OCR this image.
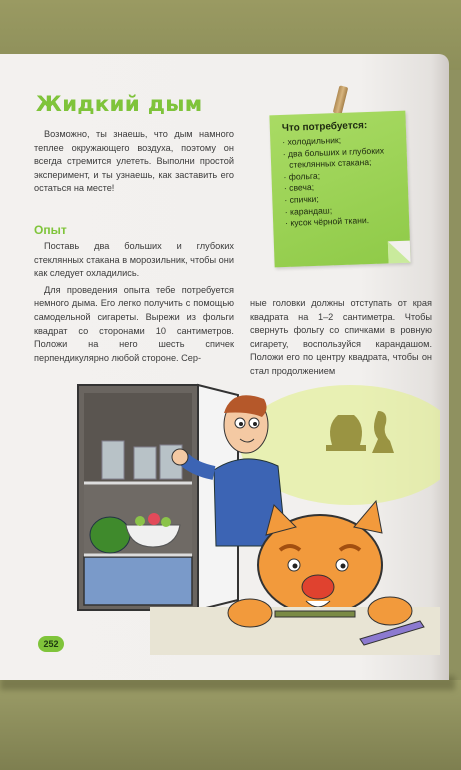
Жидкий дым
Возможно, ты знаешь, что дым намного теплее окружающего воздуха, поэтому он всегда стремится улететь. Выполни простой эксперимент, и ты узнаешь, как заставить его остаться на месте!
Опыт

Поставь два больших и глубоких стеклянных стакана в морозильник, чтобы они как следует охладились.

Для проведения опыта тебе потребуется немного дыма. Его легко получить с помощью самодельной сигареты. Вырежи из фольги квадрат со сторонами 10 сантиметров. Положи на него шесть спичек перпендикулярно любой стороне. Сер-

ные головки должны отступать от края квадрата на 1–2 сантиметра. Чтобы свернуть фольгу со спичками в ровную сигарету, воспользуйся карандашом. Положи его по центру квадрата, чтобы он стал продолжением
Что потребуется:
· холодильник;
· два больших и глубоких стеклянных стакана;
· фольга;
· свеча;
· спички;
· карандаш;
· кусок чёрной ткани.
252
